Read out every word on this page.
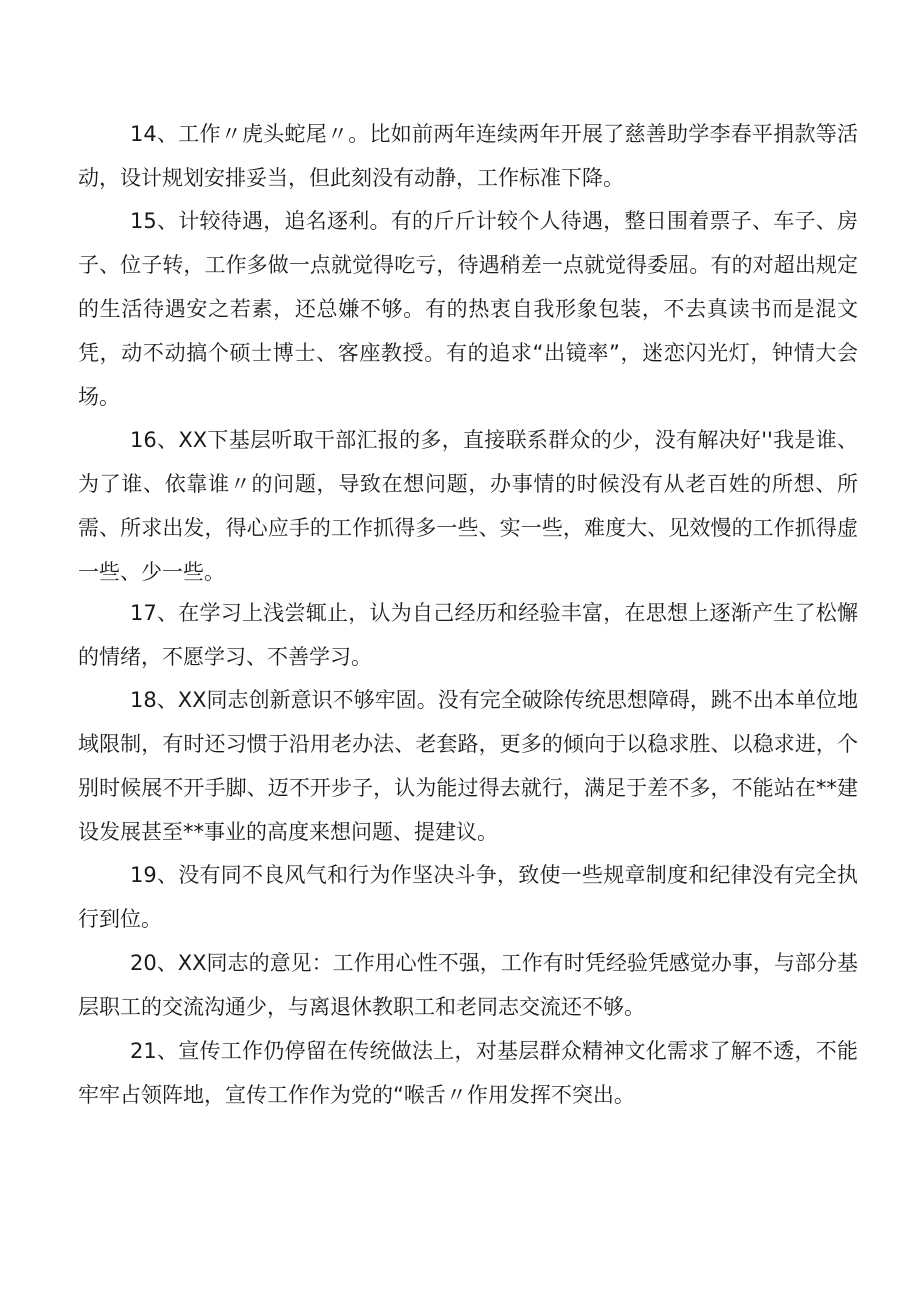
14、工作〃虎头蛇尾〃。比如前两年连续两年开展了慈善助学李春平捐款等活动，设计规划安排妥当，但此刻没有动静，工作标准下降。

15、计较待遇，追名逐利。有的斤斤计较个人待遇，整日围着票子、车子、房子、位子转，工作多做一点就觉得吃亏，待遇稍差一点就觉得委屈。有的对超出规定的生活待遇安之若素，还总嫌不够。有的热衷自我形象包装，不去真读书而是混文凭，动不动搞个硕士博士、客座教授。有的追求“出镜率”，迷恋闪光灯，钟情大会场。

16、XX下基层听取干部汇报的多，直接联系群众的少，没有解决好''我是谁、为了谁、依靠谁〃的问题，导致在想问题，办事情的时候没有从老百姓的所想、所需、所求出发，得心应手的工作抓得多一些、实一些，难度大、见效慢的工作抓得虚一些、少一些。

17、在学习上浅尝辄止，认为自己经历和经验丰富，在思想上逐渐产生了松懈的情绪，不愿学习、不善学习。

18、XX同志创新意识不够牢固。没有完全破除传统思想障碍，跳不出本单位地域限制，有时还习惯于沿用老办法、老套路，更多的倾向于以稳求胜、以稳求进，个别时候展不开手脚、迈不开步子，认为能过得去就行，满足于差不多，不能站在**建设发展甚至**事业的高度来想问题、提建议。

19、没有同不良风气和行为作坚决斗争，致使一些规章制度和纪律没有完全执行到位。

20、XX同志的意见：工作用心性不强，工作有时凭经验凭感觉办事，与部分基层职工的交流沟通少，与离退休教职工和老同志交流还不够。

21、宣传工作仍停留在传统做法上，对基层群众精神文化需求了解不透，不能牢牢占领阵地，宣传工作作为党的“喉舌〃作用发挥不突出。
